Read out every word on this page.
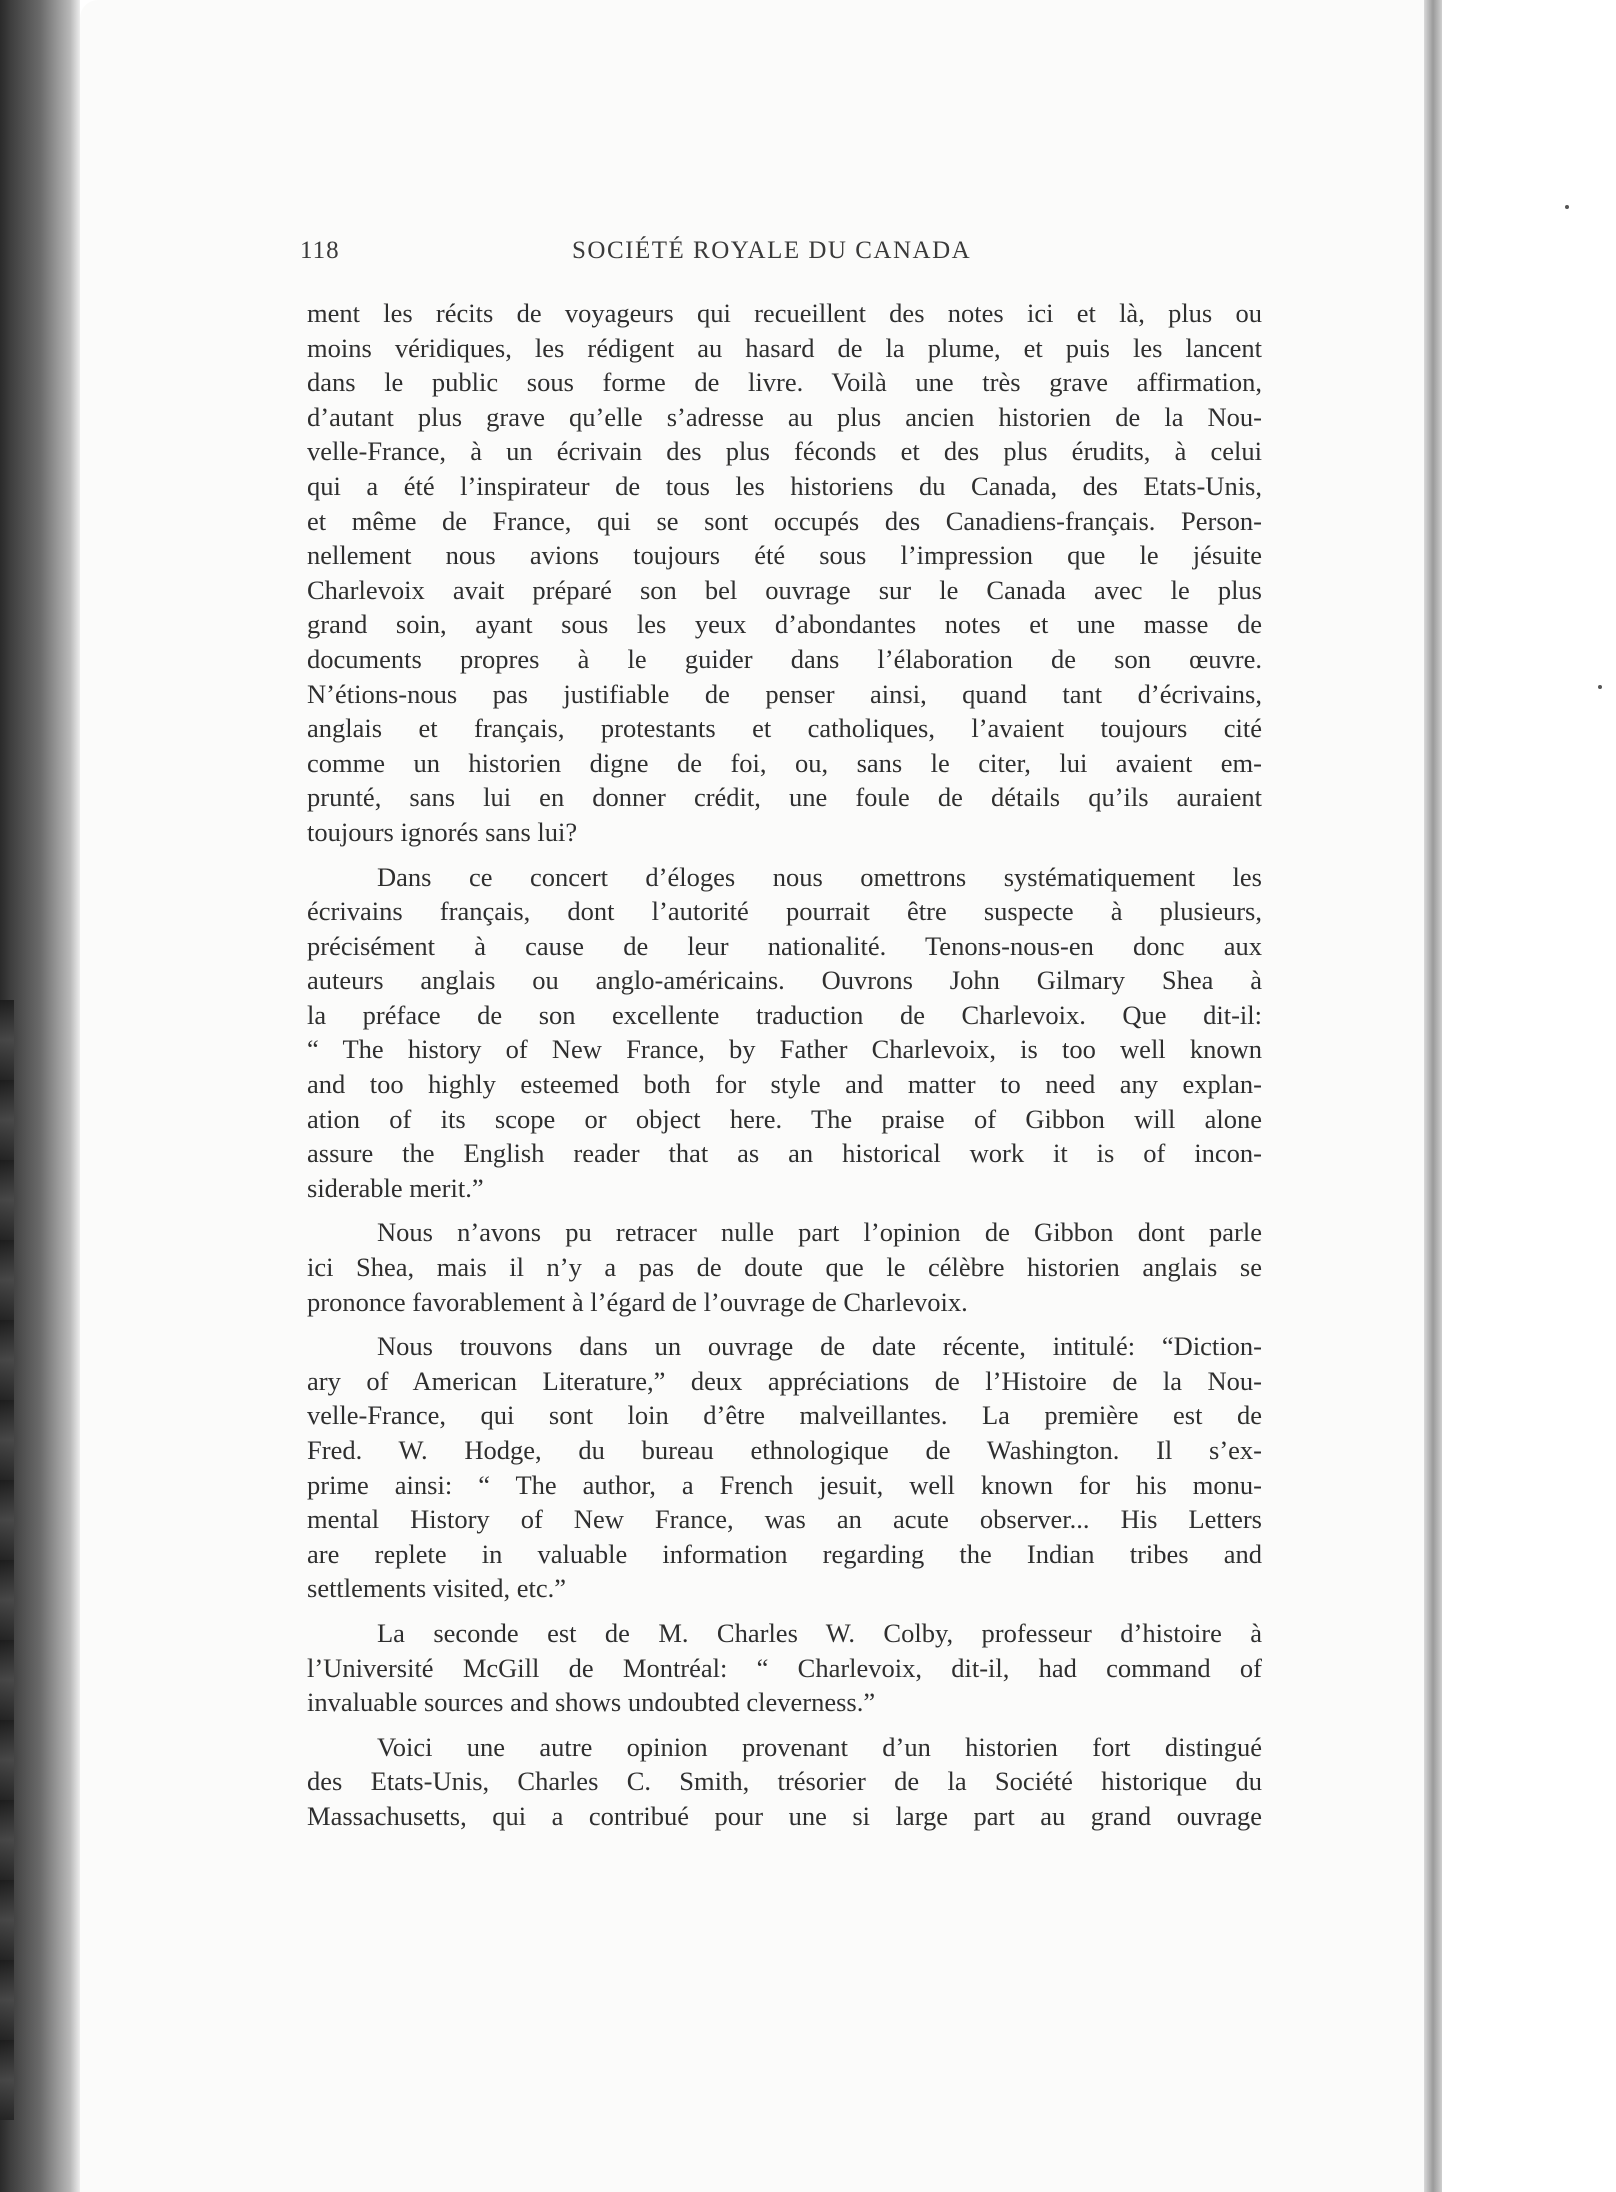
118	SOCIÉTÉ ROYALE DU CANADA
ment les récits de voyageurs qui recueillent des notes ici et là, plus ou
moins véridiques, les rédigent au hasard de la plume, et puis les lancent
dans le public sous forme de livre. Voilà une très grave affirmation,
d’autant plus grave qu’elle s’adresse au plus ancien historien de la Nou-
velle-France, à un écrivain des plus féconds et des plus érudits, à celui
qui a été l’inspirateur de tous les historiens du Canada, des Etats-Unis,
et même de France, qui se sont occupés des Canadiens-français. Person-
nellement nous avions toujours été sous l’impression que le jésuite
Charlevoix avait préparé son bel ouvrage sur le Canada avec le plus
grand soin, ayant sous les yeux d’abondantes notes et une masse de
documents propres à le guider dans l’élaboration de son œuvre.
N’étions-nous pas justifiable de penser ainsi, quand tant d’écrivains,
anglais et français, protestants et catholiques, l’avaient toujours cité
comme un historien digne de foi, ou, sans le citer, lui avaient em-
prunté, sans lui en donner crédit, une foule de détails qu’ils auraient
toujours ignorés sans lui?
Dans ce concert d’éloges nous omettrons systématiquement les
écrivains français, dont l’autorité pourrait être suspecte à plusieurs,
précisément à cause de leur nationalité. Tenons-nous-en donc aux
auteurs anglais ou anglo-américains. Ouvrons John Gilmary Shea à
la préface de son excellente traduction de Charlevoix. Que dit-il:
“ The history of New France, by Father Charlevoix, is too well known
and too highly esteemed both for style and matter to need any explan-
ation of its scope or object here. The praise of Gibbon will alone
assure the English reader that as an historical work it is of incon-
siderable merit.”
Nous n’avons pu retracer nulle part l’opinion de Gibbon dont parle
ici Shea, mais il n’y a pas de doute que le célèbre historien anglais se
prononce favorablement à l’égard de l’ouvrage de Charlevoix.
Nous trouvons dans un ouvrage de date récente, intitulé: “Diction-
ary of American Literature,” deux appréciations de l’Histoire de la Nou-
velle-France, qui sont loin d’être malveillantes. La première est de
Fred. W. Hodge, du bureau ethnologique de Washington. Il s’ex-
prime ainsi: “ The author, a French jesuit, well known for his monu-
mental History of New France, was an acute observer... His Letters
are replete in valuable information regarding the Indian tribes and
settlements visited, etc.”
La seconde est de M. Charles W. Colby, professeur d’histoire à
l’Université McGill de Montréal: “ Charlevoix, dit-il, had command of
invaluable sources and shows undoubted cleverness.”
Voici une autre opinion provenant d’un historien fort distingué
des Etats-Unis, Charles C. Smith, trésorier de la Société historique du
Massachusetts, qui a contribué pour une si large part au grand ouvrage
